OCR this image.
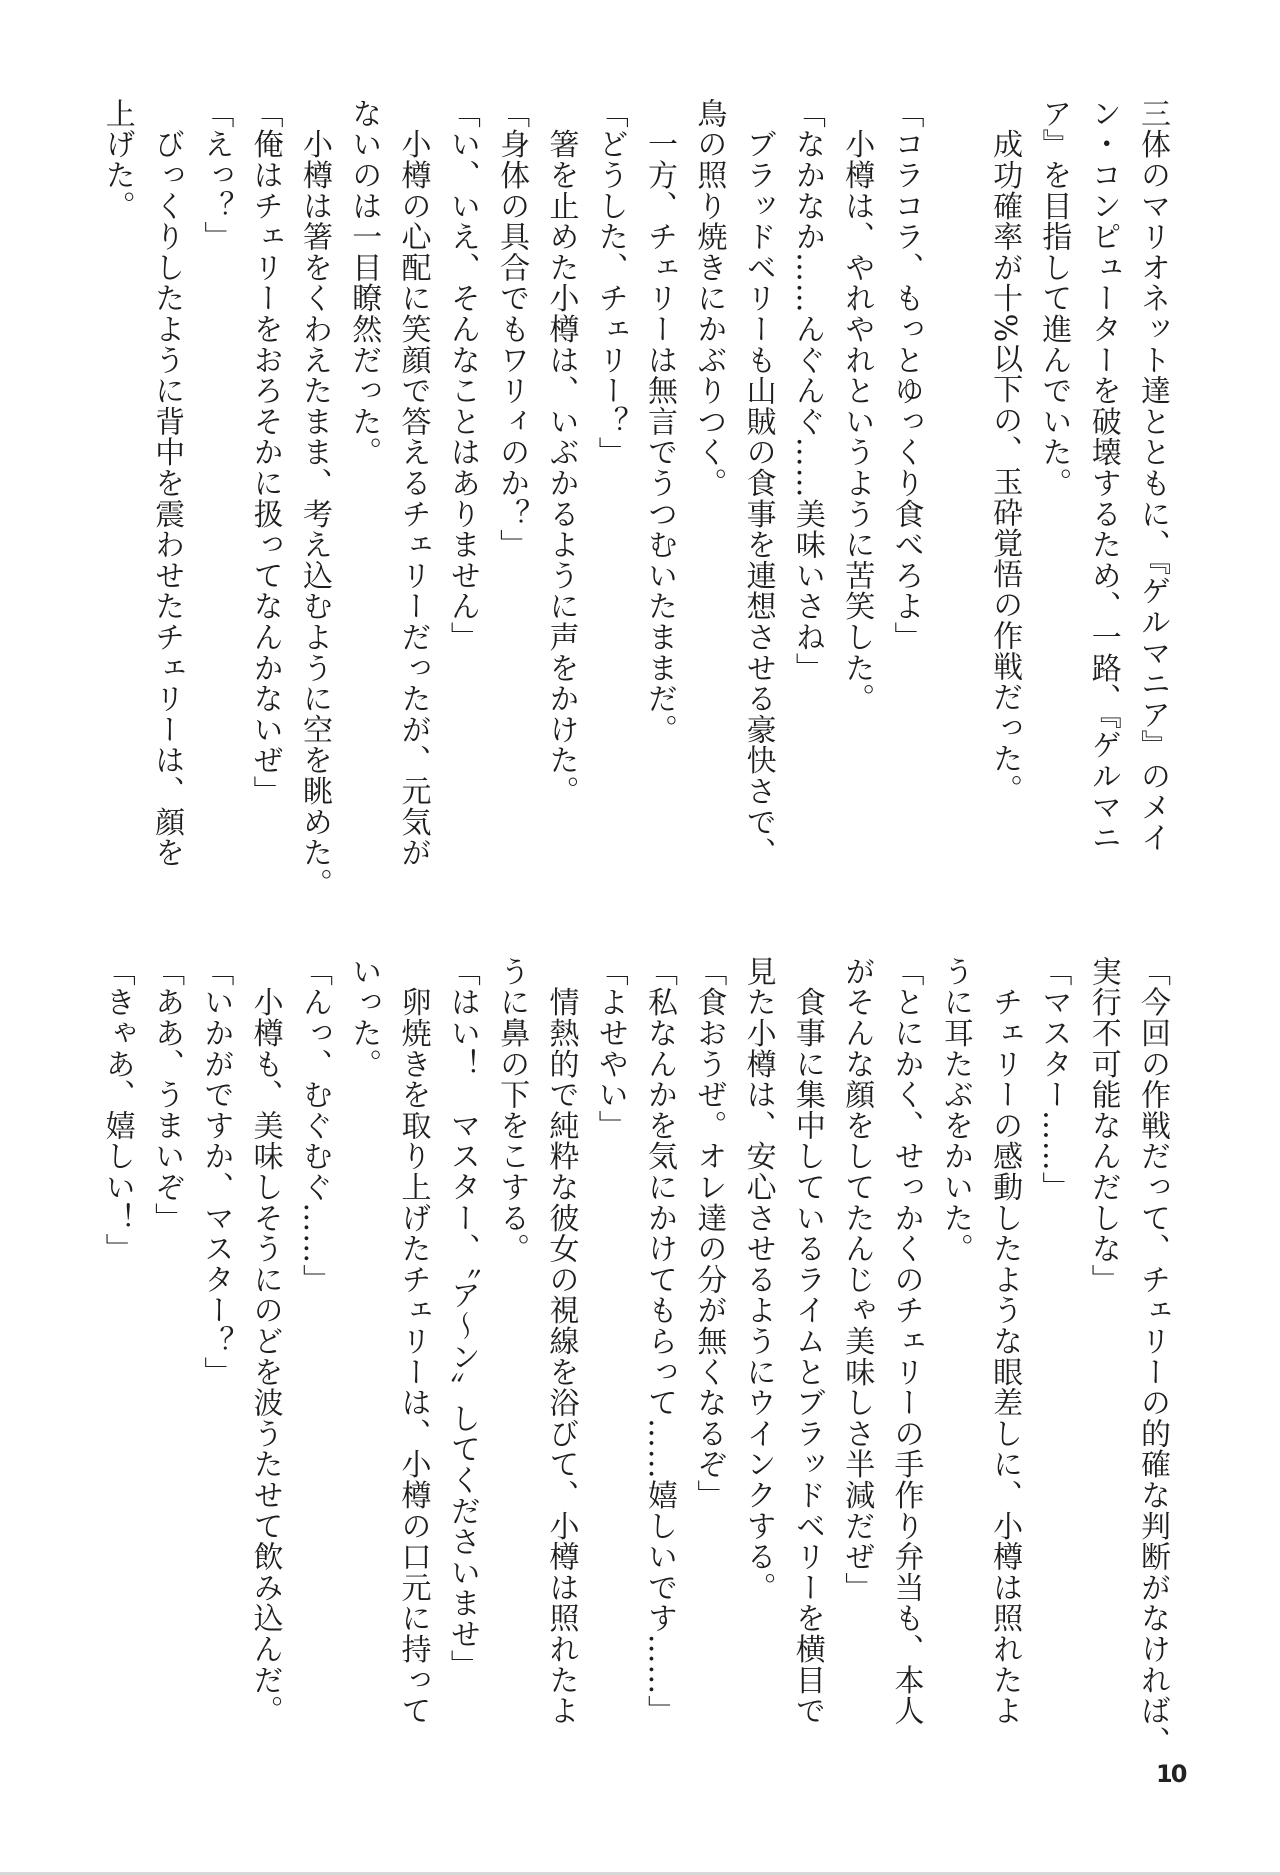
三体のマリオネット達とともに、『ゲルマニア』のメイ
ン・コンピューターを破壊するため、一路、『ゲルマニ
ア』を目指して進んでいた。
　成功確率が十%以下の、玉砕覚悟の作戦だった。

「コラコラ、もっとゆっくり食べろよ」
　小樽は、やれやれというように苦笑した。
「なかなか……んぐんぐ……美味いさね」
　ブラッドベリーも山賊の食事を連想させる豪快さで、
鳥の照り焼きにかぶりつく。
　一方、チェリーは無言でうつむいたままだ。
「どうした、チェリー？」
　箸を止めた小樽は、いぶかるように声をかけた。
「身体の具合でもワリィのか？」
「い、いえ、そんなことはありません」
　小樽の心配に笑顔で答えるチェリーだったが、元気が
ないのは一目瞭然だった。
　小樽は箸をくわえたまま、考え込むように空を眺めた。
「俺はチェリーをおろそかに扱ってなんかないぜ」
「えっ？」
　びっくりしたように背中を震わせたチェリーは、顔を
上げた。
「今回の作戦だって、チェリーの的確な判断がなければ、
実行不可能なんだしな」
「マスター……」
　チェリーの感動したような眼差しに、小樽は照れたよ
うに耳たぶをかいた。
「とにかく、せっかくのチェリーの手作り弁当も、本人
がそんな顔をしてたんじゃ美味しさ半減だぜ」
　食事に集中しているライムとブラッドベリーを横目で
見た小樽は、安心させるようにウインクする。
「食おうぜ。オレ達の分が無くなるぞ」
「私なんかを気にかけてもらって……嬉しいです……」
「よせやい」
　情熱的で純粋な彼女の視線を浴びて、小樽は照れたよ
うに鼻の下をこする。
「はい！　マスター、〝ア～ン〟してくださいませ」
　卵焼きを取り上げたチェリーは、小樽の口元に持って
いった。
「んっ、むぐむぐ……」
　小樽も、美味しそうにのどを波うたせて飲み込んだ。
「いかがですか、マスター？」
「ああ、うまいぞ」
「きゃあ、嬉しい！」
10
